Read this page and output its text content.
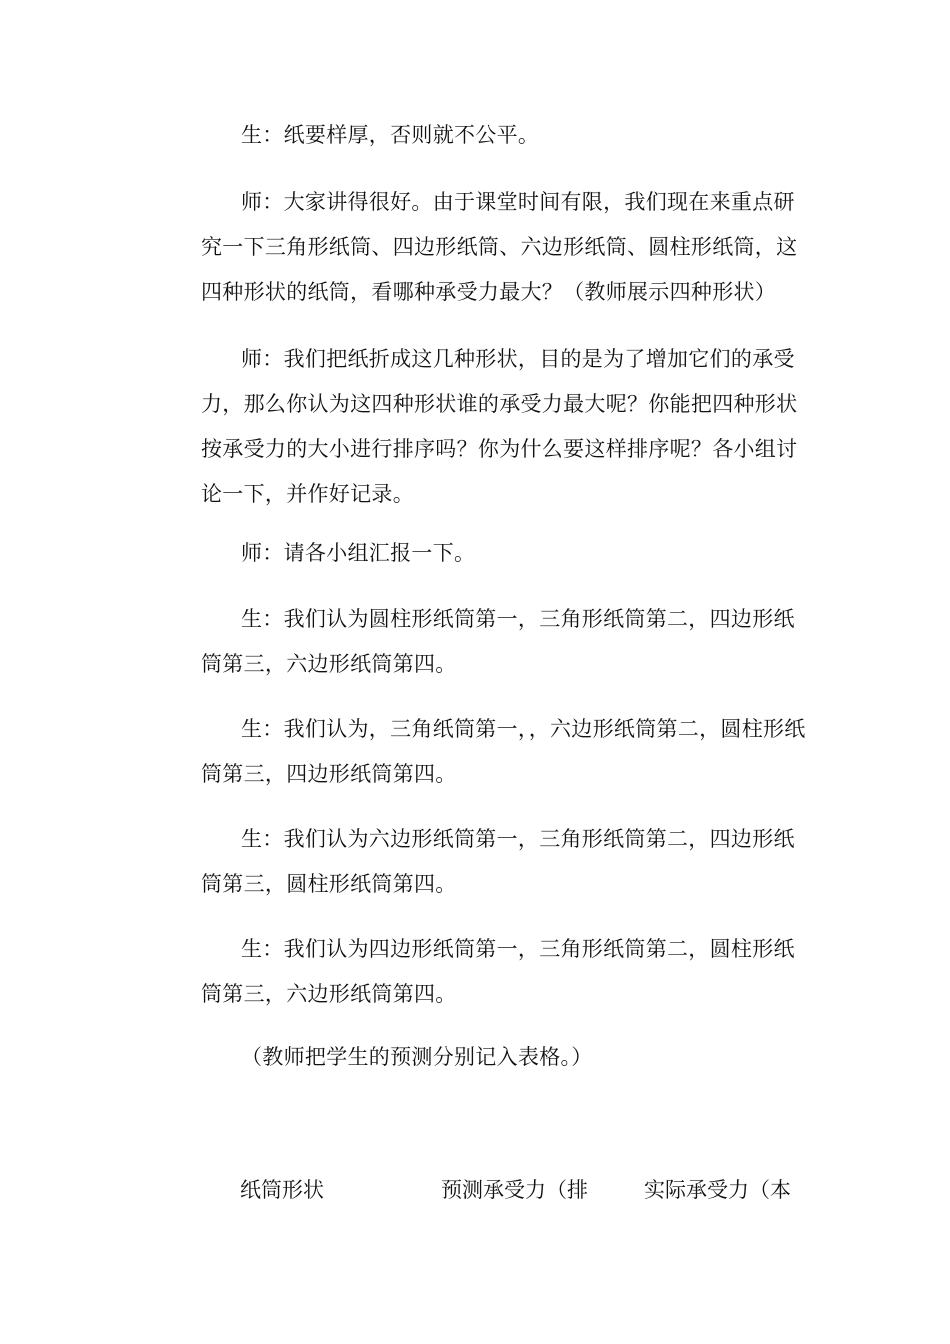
生：纸要样厚，否则就不公平。

师：大家讲得很好。由于课堂时间有限，我们现在来重点研究一下三角形纸筒、四边形纸筒、六边形纸筒、圆柱形纸筒，这四种形状的纸筒，看哪种承受力最大？（教师展示四种形状）

师：我们把纸折成这几种形状，目的是为了增加它们的承受力，那么你认为这四种形状谁的承受力最大呢？你能把四种形状按承受力的大小进行排序吗？你为什么要这样排序呢？各小组讨论一下，并作好记录。

师：请各小组汇报一下。

生：我们认为圆柱形纸筒第一，三角形纸筒第二，四边形纸筒第三，六边形纸筒第四。

生：我们认为，三角纸筒第一，，六边形纸筒第二，圆柱形纸筒第三，四边形纸筒第四。

生：我们认为六边形纸筒第一，三角形纸筒第二，四边形纸筒第三，圆柱形纸筒第四。

生：我们认为四边形纸筒第一，三角形纸筒第二，圆柱形纸筒第三，六边形纸筒第四。

（教师把学生的预测分别记入表格。）

纸筒形状	预测承受力（排	实际承受力（本
